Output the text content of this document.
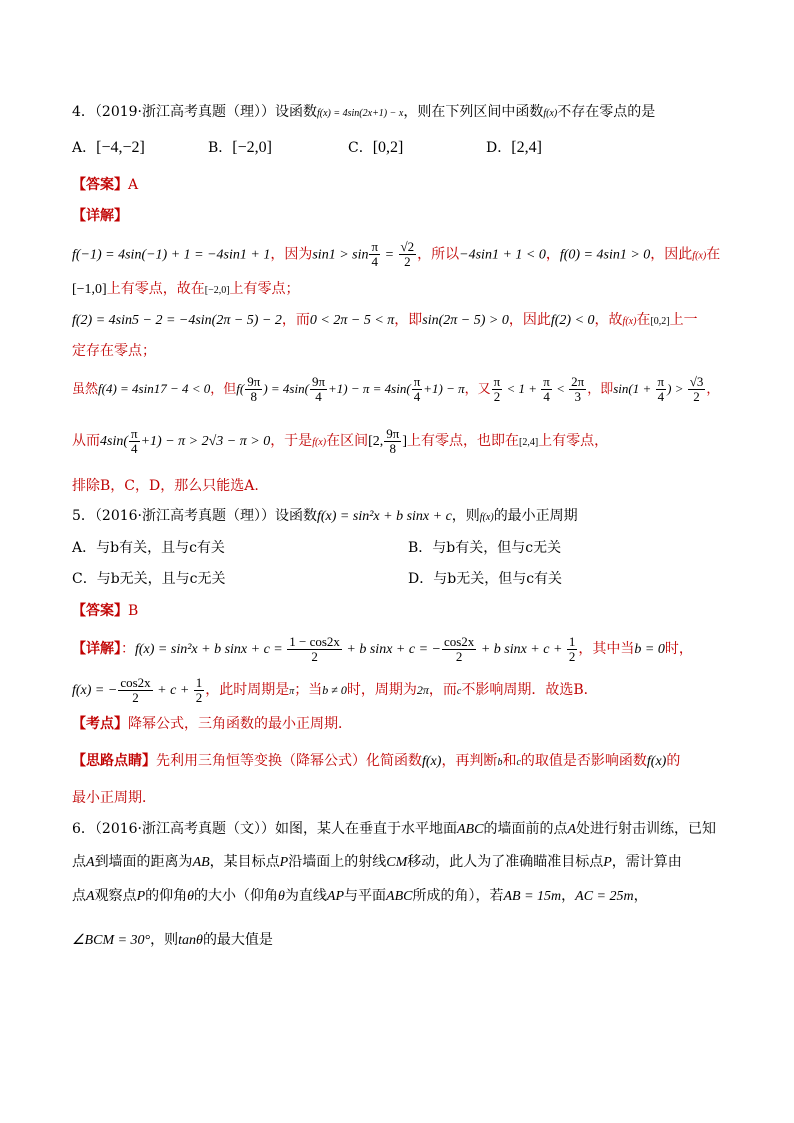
4．（2019·浙江高考真题（理））设函数f(x) = 4sin(2x+1) − x，则在下列区间中函数f(x)不存在零点的是
A．[−4,−2]	B．[−2,0]	C．[0,2]	D．[2,4]
【答案】A
【详解】
f(−1) = 4sin(−1) + 1 = −4sin1 + 1，因为$\sin 1 > \sin \frac{\pi}{4} = \frac{√2}{2}$ ，所以−4sin1 + 1 < 0，f(0) = 4sin1 > 0，因此f(x)在
[−1,0]上有零点，故在[−2,0]上有零点；
f(2) = 4sin5 − 2 = −4sin(2π − 5) − 2，而0 < 2π − 5 < π，即sin(2π − 5) > 0，因此f(2) < 0，故f(x)在[0,2]上一
定存在零点；
虽然f(4) = 4sin17 − 4 < 0，但$f( \frac{9\pi}{8}$ ) = $4\sin( \frac{9\pi}{4} +1) - \pi = 4\sin( \frac{\pi}{4} +1) - \pi$，又 $\frac{\pi}{2} < 1 + \frac{\pi}{4} < \frac{2\pi}{3}$ ，即$\sin(1 + \frac{\pi}{4}$ ) > $\frac{√3}{2}$ ，
从而$4\sin( \frac{\pi}{4} +1) - \pi > 2√3 - \pi > 0$，于是f(x)在区间[2, $\frac{9\pi}{8}$ ]上有零点，也即在[2,4]上有零点，
排除B，C，D，那么只能选A.
5．（2016·浙江高考真题（理））设函数f(x) = sin²x + b sinx + c，则f(x)的最小正周期
A．与b有关，且与c有关	B．与b有关，但与c无关
C．与b无关，且与c无关	D．与b无关，但与c有关
【答案】B
【详解】：f(x) = sin²x + b $\sin x + c = \frac{1 - \cos 2x}{2} + b$ sinx + c = − $\frac{\cos 2x}{2} + b$ $\sin x + c + \frac{1}{2}$ ，其中当b = 0时，
f(x) = − $\frac{\cos 2x}{2} + c + \frac{1}{2}$ ，此时周期是π；当b ≠ 0时，周期为2π，而c不影响周期．故选B．
【考点】降幂公式，三角函数的最小正周期．
【思路点睛】先利用三角恒等变换（降幂公式）化简函数f(x)，再判断b和c的取值是否影响函数f(x)的
最小正周期．
6．（2016·浙江高考真题（文））如图，某人在垂直于水平地面ABC的墙面前的点A处进行射击训练，已知
点A到墙面的距离为AB，某目标点P沿墙面上的射线CM移动，此人为了准确瞄准目标点P，需计算由
点A观察点P的仰角θ的大小（仰角θ为直线AP与平面ABC所成的角），若AB = 15m，AC = 25m，
∠BCM = 30°，则tanθ的最大值是
